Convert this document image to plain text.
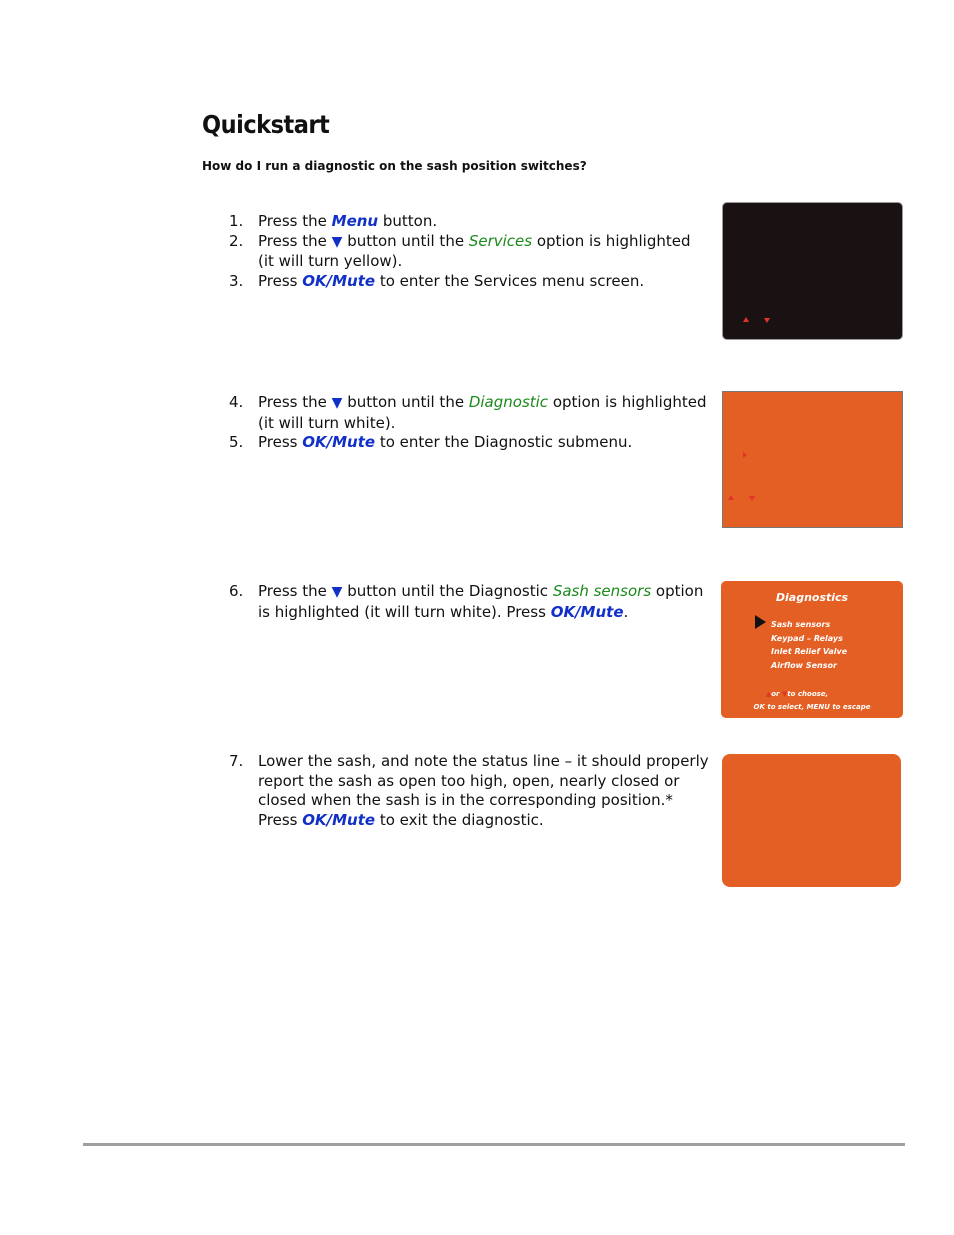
Quickstart
How do I run a diagnostic on the sash position switches?
1. Press the Menu button.
2. Press the ▼ button until the Services option is highlighted (it will turn yellow).
3. Press OK/Mute to enter the Services menu screen.
4. Press the ▼ button until the Diagnostic option is highlighted (it will turn white).
5. Press OK/Mute to enter the Diagnostic submenu.
6. Press the ▼ button until the Diagnostic Sash sensors option is highlighted (it will turn white). Press OK/Mute.
7. Lower the sash, and note the status line – it should properly report the sash as open too high, open, nearly closed or closed when the sash is in the corresponding position.* Press OK/Mute to exit the diagnostic.
Diagnostics
Sash sensors
Keypad – Relays
Inlet Relief Valve
Airflow Sensor
▲or ▼to choose,
OK to select, MENU to escape
